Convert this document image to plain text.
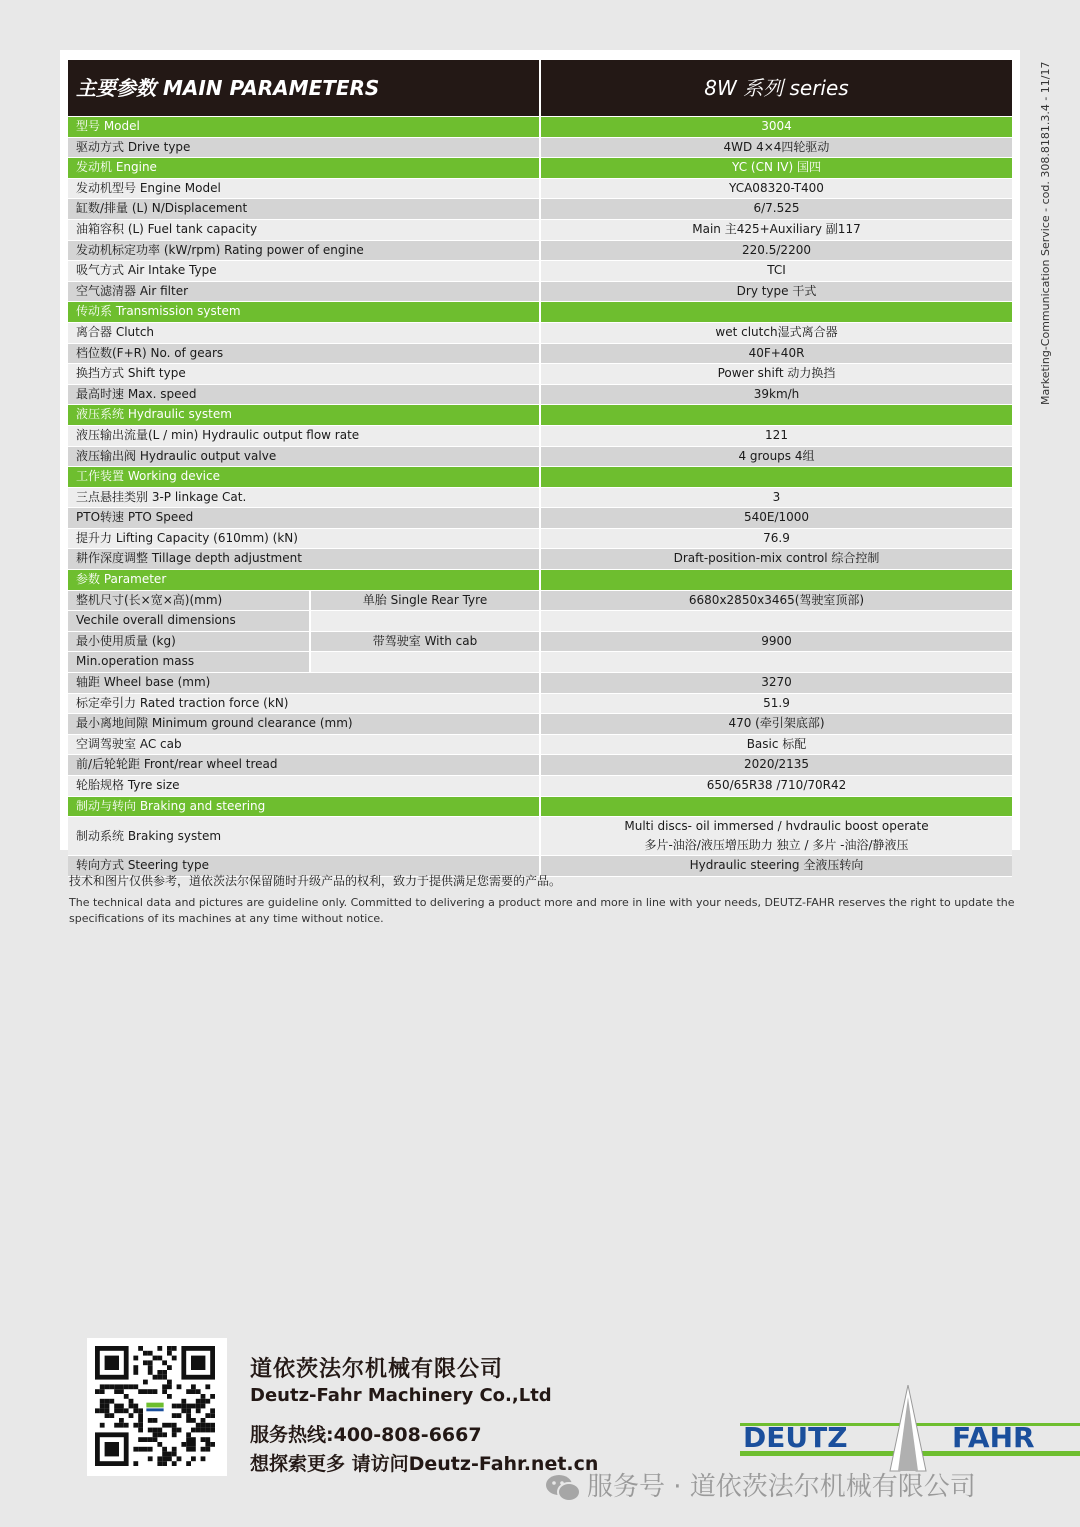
主要参数 MAIN PARAMETERS		8W 系列 series
型号 Model		3004
驱动方式 Drive type		4WD 4×4四轮驱动
发动机 Engine		YC (CN IV) 国四
发动机型号 Engine Model		YCA08320-T400
缸数/排量 (L) N/Displacement		6/7.525
油箱容积 (L) Fuel tank capacity		Main 主425+Auxiliary 副117
发动机标定功率 (kW/rpm) Rating power of engine		220.5/2200
吸气方式 Air Intake Type		TCI
空气滤清器 Air filter		Dry type 干式
传动系 Transmission system		
离合器 Clutch		wet clutch湿式离合器
档位数(F+R) No. of gears		40F+40R
换挡方式 Shift type		Power shift 动力换挡
最高时速 Max. speed		39km/h
液压系统 Hydraulic system		
液压输出流量(L / min) Hydraulic output flow rate		121
液压输出阀 Hydraulic output valve		4 groups 4组
工作装置 Working device		
三点悬挂类别 3-P linkage Cat.		3
PTO转速 PTO Speed		540E/1000
提升力 Lifting Capacity (610mm) (kN)		76.9
耕作深度调整 Tillage depth adjustment		Draft-position-mix control 综合控制
参数 Parameter		
整机尺寸(长×宽×高)(mm)	单胎 Single Rear Tyre	6680x2850x3465(驾驶室顶部)
Vechile overall dimensions		
最小使用质量 (kg)	带驾驶室 With cab	9900
Min.operation mass		
轴距 Wheel base (mm)		3270
标定牵引力 Rated traction force (kN)		51.9
最小离地间隙 Minimum ground clearance (mm)		470 (牵引架底部)
空调驾驶室 AC cab		Basic 标配
前/后轮轮距 Front/rear wheel tread		2020/2135
轮胎规格 Tyre size		650/65R38 /710/70R42
制动与转向 Braking and steering		
制动系统 Braking system		Multi discs- oil immersed / hvdraulic boost operate
多片-油浴/液压增压助力 独立 / 多片 -油浴/静液压

转向方式 Steering type		Hydraulic steering 全液压转向
技术和图片仅供参考，道依茨法尔保留随时升级产品的权利，致力于提供满足您需要的产品。
The technical data and pictures are guideline only. Committed to delivering a product more and more in line with your needs, DEUTZ-FAHR reserves the right to update the specifications of its machines at any time without notice.
Marketing-Communication Service - cod. 308.8181.3.4 - 11/17
道依茨法尔机械有限公司
Deutz-Fahr Machinery Co.,Ltd
服务热线:400-808-6667
想探索更多 请访问Deutz-Fahr.net.cn
DEUTZ	FAHR
服务号 · 道依茨法尔机械有限公司
